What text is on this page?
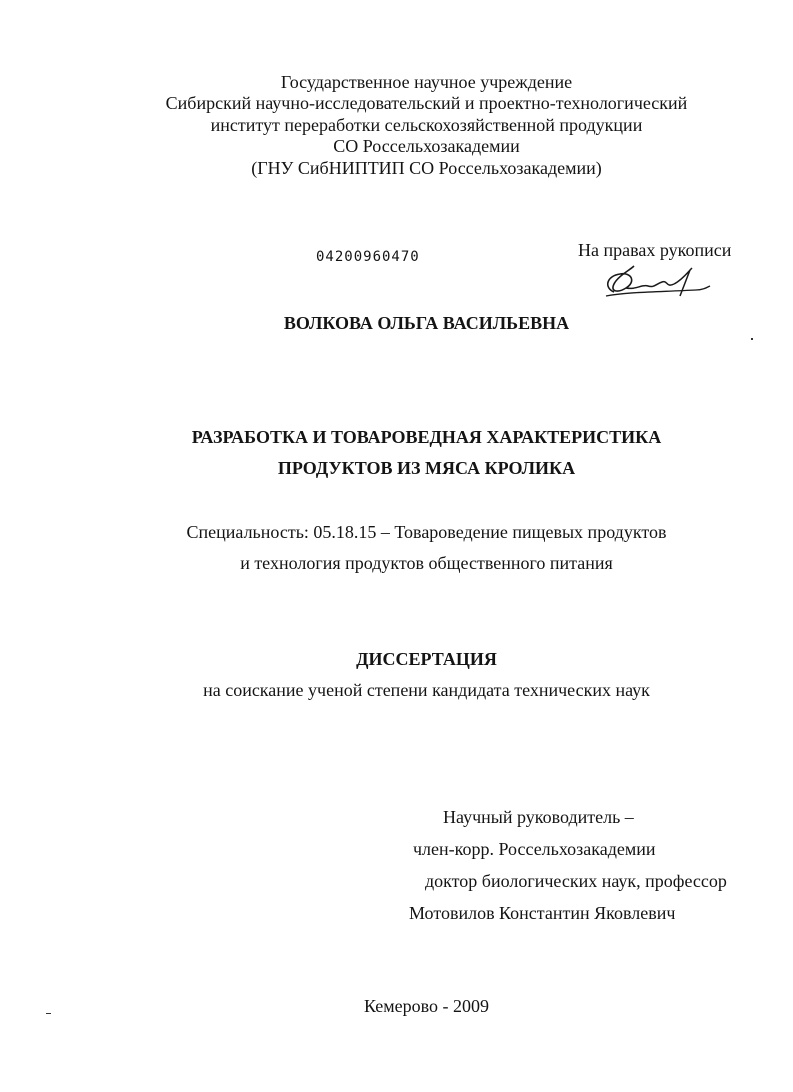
Государственное научное учреждение
Сибирский научно-исследовательский и проектно-технологический
институт переработки сельскохозяйственной продукции
СО Россельхозакадемии
(ГНУ СибНИПТИП СО Россельхозакадемии)
04200960470	На правах рукописи
ВОЛКОВА ОЛЬГА ВАСИЛЬЕВНА
РАЗРАБОТКА И ТОВАРОВЕДНАЯ ХАРАКТЕРИСТИКА
ПРОДУКТОВ ИЗ МЯСА КРОЛИКА
Специальность: 05.18.15 – Товароведение пищевых продуктов
и технология продуктов общественного питания
ДИССЕРТАЦИЯ
на соискание ученой степени кандидата технических наук
Научный руководитель –
член-корр. Россельхозакадемии
доктор биологических наук, профессор
Мотовилов Константин Яковлевич
Кемерово - 2009
